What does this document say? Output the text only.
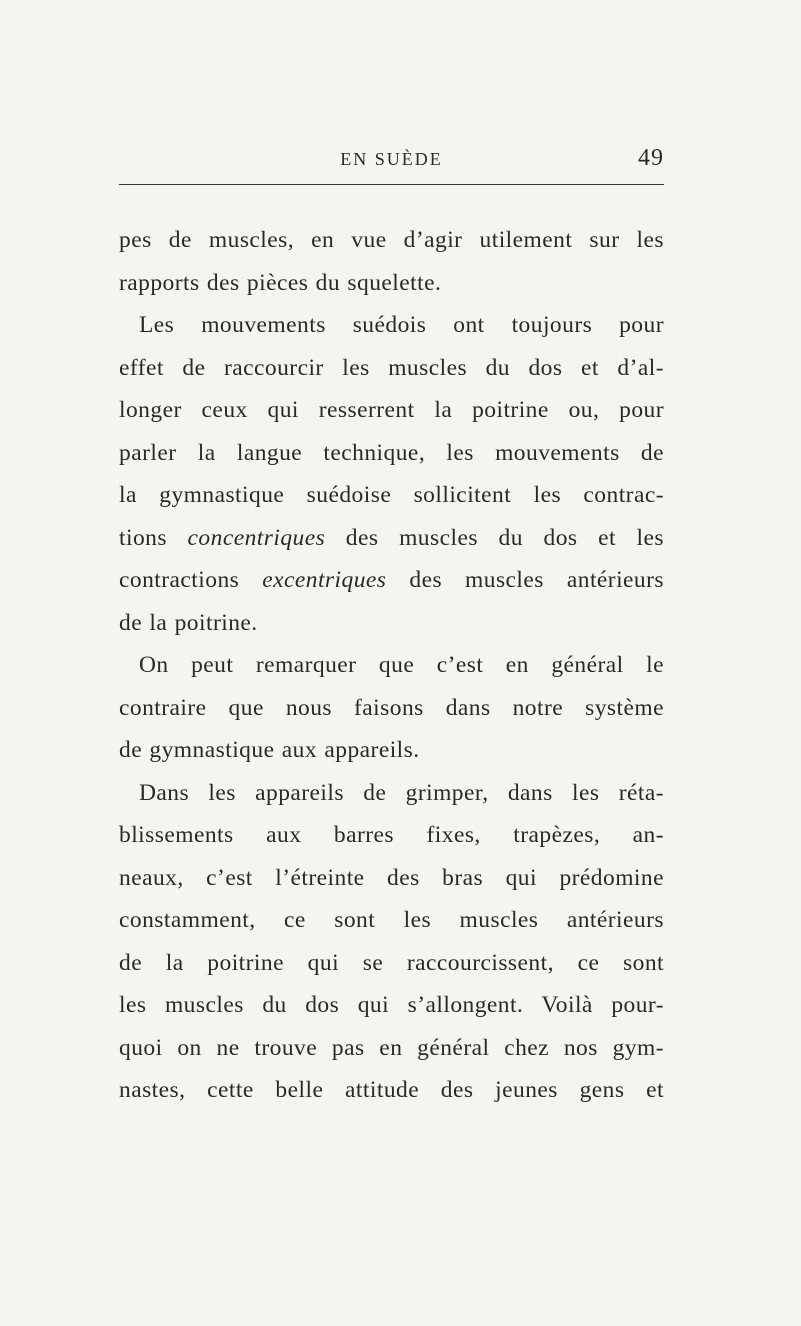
EN SUÈDE	49
pes de muscles, en vue d’agir utilement sur les
rapports des pièces du squelette.
Les mouvements suédois ont toujours pour
effet de raccourcir les muscles du dos et d’al-
longer ceux qui resserrent la poitrine ou, pour
parler la langue technique, les mouvements de
la gymnastique suédoise sollicitent les contrac-
tions concentriques des muscles du dos et les
contractions excentriques des muscles antérieurs
de la poitrine.
On peut remarquer que c’est en général le
contraire que nous faisons dans notre système
de gymnastique aux appareils.
Dans les appareils de grimper, dans les réta-
blissements aux barres fixes, trapèzes, an-
neaux, c’est l’étreinte des bras qui prédomine
constamment, ce sont les muscles antérieurs
de la poitrine qui se raccourcissent, ce sont
les muscles du dos qui s’allongent. Voilà pour-
quoi on ne trouve pas en général chez nos gym-
nastes, cette belle attitude des jeunes gens et
